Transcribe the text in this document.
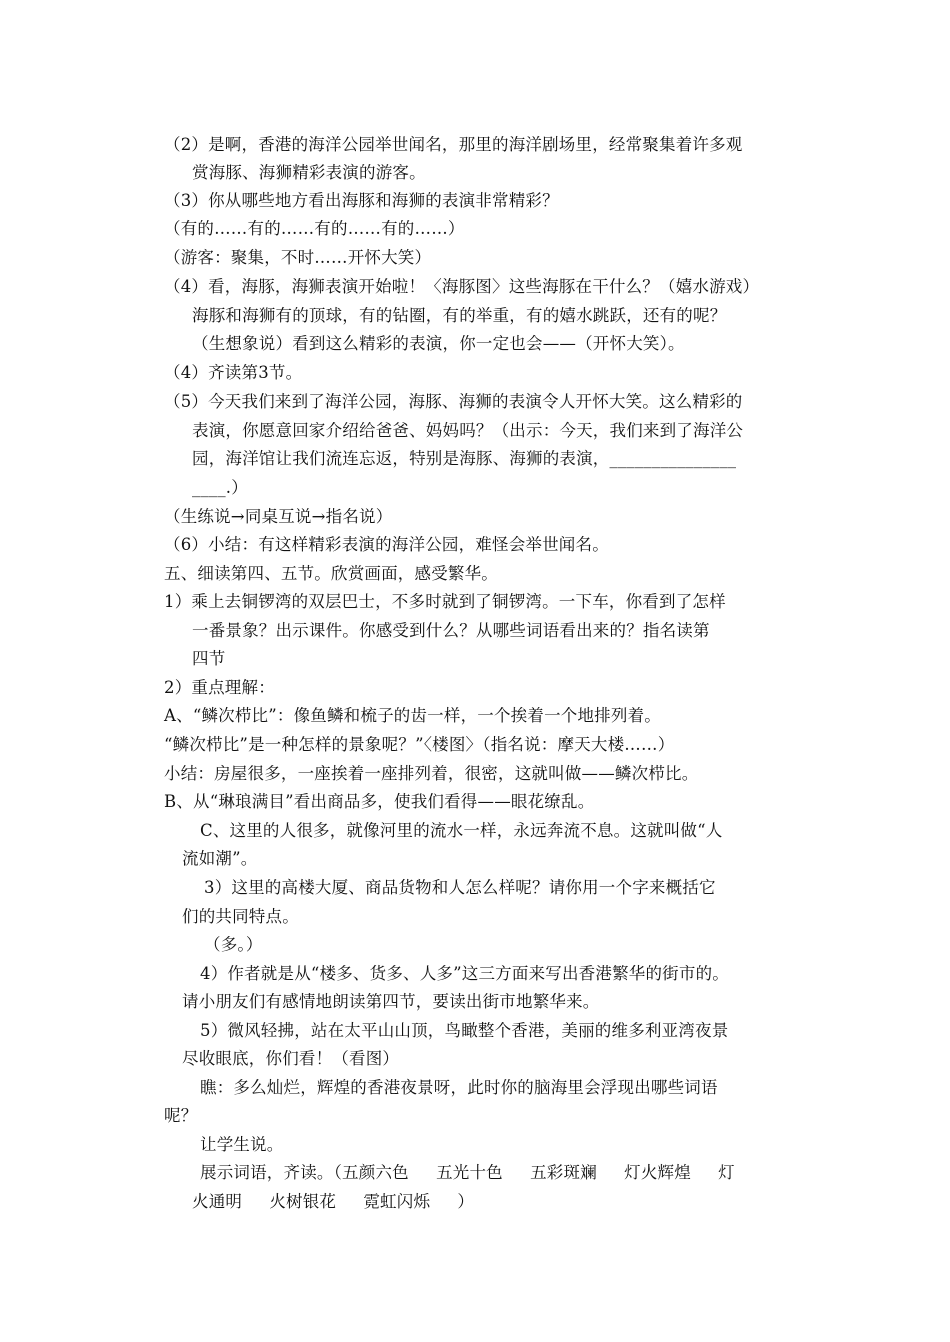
（2）是啊，香港的海洋公园举世闻名，那里的海洋剧场里，经常聚集着许多观
赏海豚、海狮精彩表演的游客。
（3）你从哪些地方看出海豚和海狮的表演非常精彩？
（有的……有的……有的……有的……）
（游客：聚集，不时……开怀大笑）
（4）看，海豚，海狮表演开始啦！〈海豚图〉这些海豚在干什么？（嬉水游戏）
海豚和海狮有的顶球，有的钻圈，有的举重，有的嬉水跳跃，还有的呢？
（生想象说）看到这么精彩的表演，你一定也会——（开怀大笑）。
（4）齐读第3节。
（5）今天我们来到了海洋公园，海豚、海狮的表演令人开怀大笑。这么精彩的
表演，你愿意回家介绍给爸爸、妈妈吗？（出示：今天，我们来到了海洋公
园，海洋馆让我们流连忘返，特别是海豚、海狮的表演，_______________
____.）
（生练说→同桌互说→指名说）
（6）小结：有这样精彩表演的海洋公园，难怪会举世闻名。
五、细读第四、五节。欣赏画面，感受繁华。
1）乘上去铜锣湾的双层巴士，不多时就到了铜锣湾。一下车，你看到了怎样
一番景象？出示课件。你感受到什么？从哪些词语看出来的？指名读第
四节
2）重点理解：
A、“鳞次栉比”：像鱼鳞和梳子的齿一样，一个挨着一个地排列着。
“鳞次栉比”是一种怎样的景象呢？”〈楼图〉（指名说：摩天大楼……）
小结：房屋很多，一座挨着一座排列着，很密，这就叫做——鳞次栉比。
B、从“琳琅满目”看出商品多，使我们看得——眼花缭乱。
C、这里的人很多，就像河里的流水一样，永远奔流不息。这就叫做“人
流如潮”。
3）这里的高楼大厦、商品货物和人怎么样呢？请你用一个字来概括它
们的共同特点。
（多。）
4）作者就是从“楼多、货多、人多”这三方面来写出香港繁华的街市的。
请小朋友们有感情地朗读第四节，要读出街市地繁华来。
5）微风轻拂，站在太平山山顶，鸟瞰整个香港，美丽的维多利亚湾夜景
尽收眼底，你们看！（看图）
瞧：多么灿烂，辉煌的香港夜景呀，此时你的脑海里会浮现出哪些词语
呢？
让学生说。
展示词语，齐读。（五颜六色     五光十色     五彩斑斓     灯火辉煌     灯
火通明     火树银花     霓虹闪烁     ）
